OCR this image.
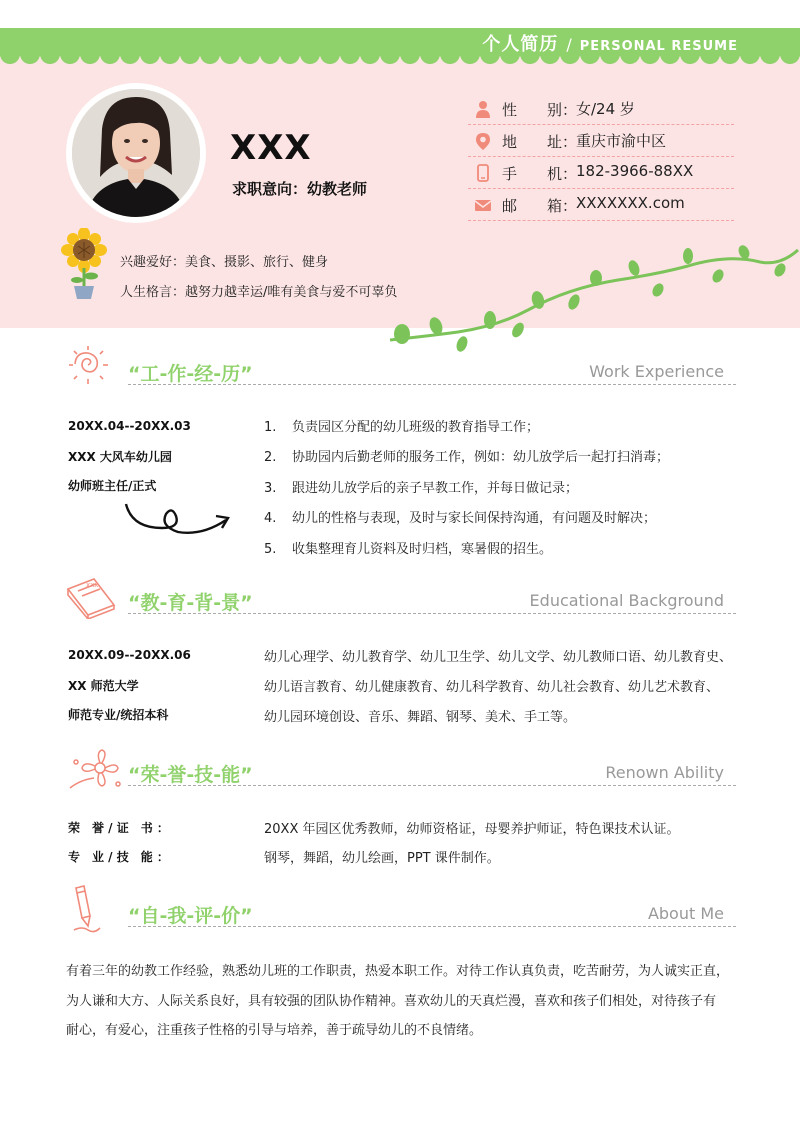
个人简历 / PERSONAL RESUME
XXX
求职意向：幼教老师
性　　别：
女/24 岁
地　　址：
重庆市渝中区
手　　机：
182-3966-88XX
邮　　箱：
XXXXXXX.com
兴趣爱好：美食、摄影、旅行、健身
人生格言：越努力越幸运/唯有美食与爱不可辜负
“工-作-经-历”	Work Experience
20XX.04--20XX.03
XXX 大风车幼儿园
幼师班主任/正式
1. 负责园区分配的幼儿班级的教育指导工作；
2. 协助园内后勤老师的服务工作，例如：幼儿放学后一起打扫消毒；
3. 跟进幼儿放学后的亲子早教工作，并每日做记录；
4. 幼儿的性格与表现，及时与家长间保持沟通，有问题及时解决；
5. 收集整理育儿资料及时归档，寒暑假的招生。
xxx
“教-育-背-景”	Educational Background
20XX.09--20XX.06
XX 师范大学
师范专业/统招本科
幼儿心理学、幼儿教育学、幼儿卫生学、幼儿文学、幼儿教师口语、幼儿教育史、
幼儿语言教育、幼儿健康教育、幼儿科学教育、幼儿社会教育、幼儿艺术教育、
幼儿园环境创设、音乐、舞蹈、钢琴、美术、手工等。
“荣-誉-技-能”	Renown Ability
荣　誉 / 证　书 ：	20XX 年园区优秀教师，幼师资格证，母婴养护师证，特色课技术认证。
专　业 / 技　能 ：	钢琴，舞蹈，幼儿绘画，PPT 课件制作。
“自-我-评-价”	About Me
有着三年的幼教工作经验，熟悉幼儿班的工作职责，热爱本职工作。对待工作认真负责，吃苦耐劳，为人诚实正直，
为人谦和大方、人际关系良好，具有较强的团队协作精神。喜欢幼儿的天真烂漫，喜欢和孩子们相处，对待孩子有
耐心，有爱心，注重孩子性格的引导与培养，善于疏导幼儿的不良情绪。
